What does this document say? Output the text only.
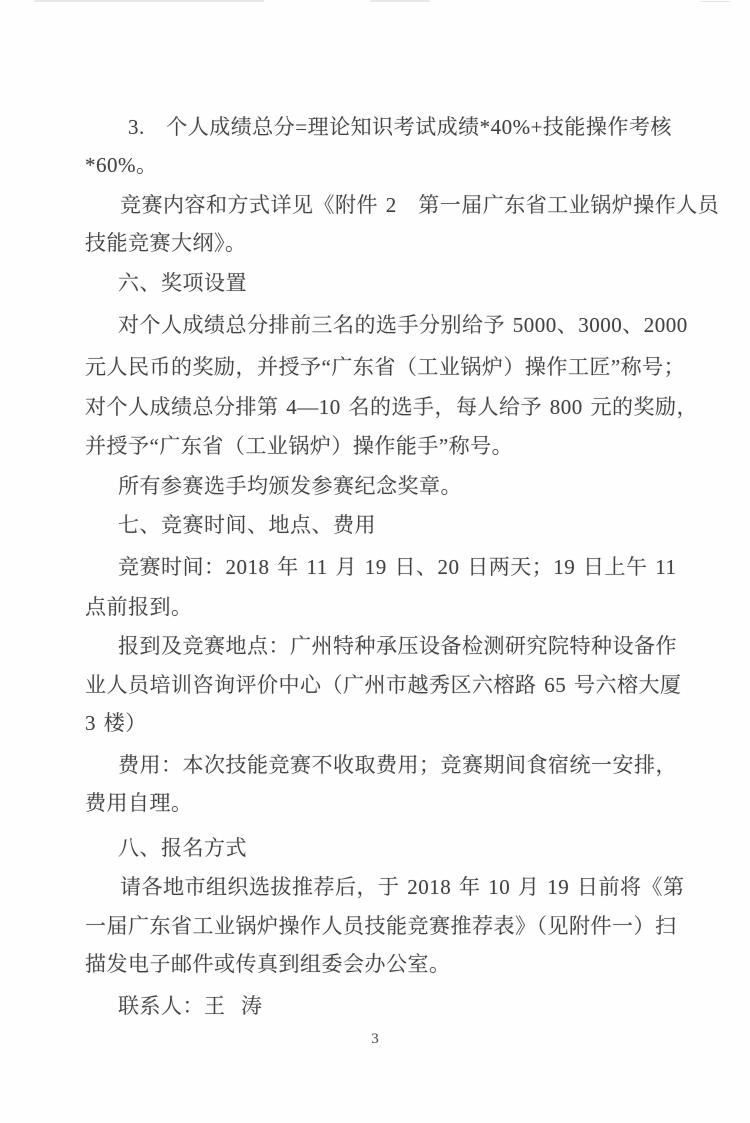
3.　个人成绩总分=理论知识考试成绩*40%+技能操作考核
*60%。
竞赛内容和方式详见《附件 2　第一届广东省工业锅炉操作人员
技能竞赛大纲》。
六、奖项设置
对个人成绩总分排前三名的选手分别给予 5000、3000、2000
元人民币的奖励，并授予“广东省（工业锅炉）操作工匠”称号；
对个人成绩总分排第 4—10 名的选手，每人给予 800 元的奖励，
并授予“广东省（工业锅炉）操作能手”称号。
所有参赛选手均颁发参赛纪念奖章。
七、竞赛时间、地点、费用
竞赛时间：2018 年 11 月 19 日、20 日两天；19 日上午 11
点前报到。
报到及竞赛地点：广州特种承压设备检测研究院特种设备作
业人员培训咨询评价中心（广州市越秀区六榕路 65 号六榕大厦
3 楼）
费用：本次技能竞赛不收取费用；竞赛期间食宿统一安排，
费用自理。
八、报名方式
请各地市组织选拔推荐后，于 2018 年 10 月 19 日前将《第
一届广东省工业锅炉操作人员技能竞赛推荐表》（见附件一）扫
描发电子邮件或传真到组委会办公室。
联系人：王  涛
3
